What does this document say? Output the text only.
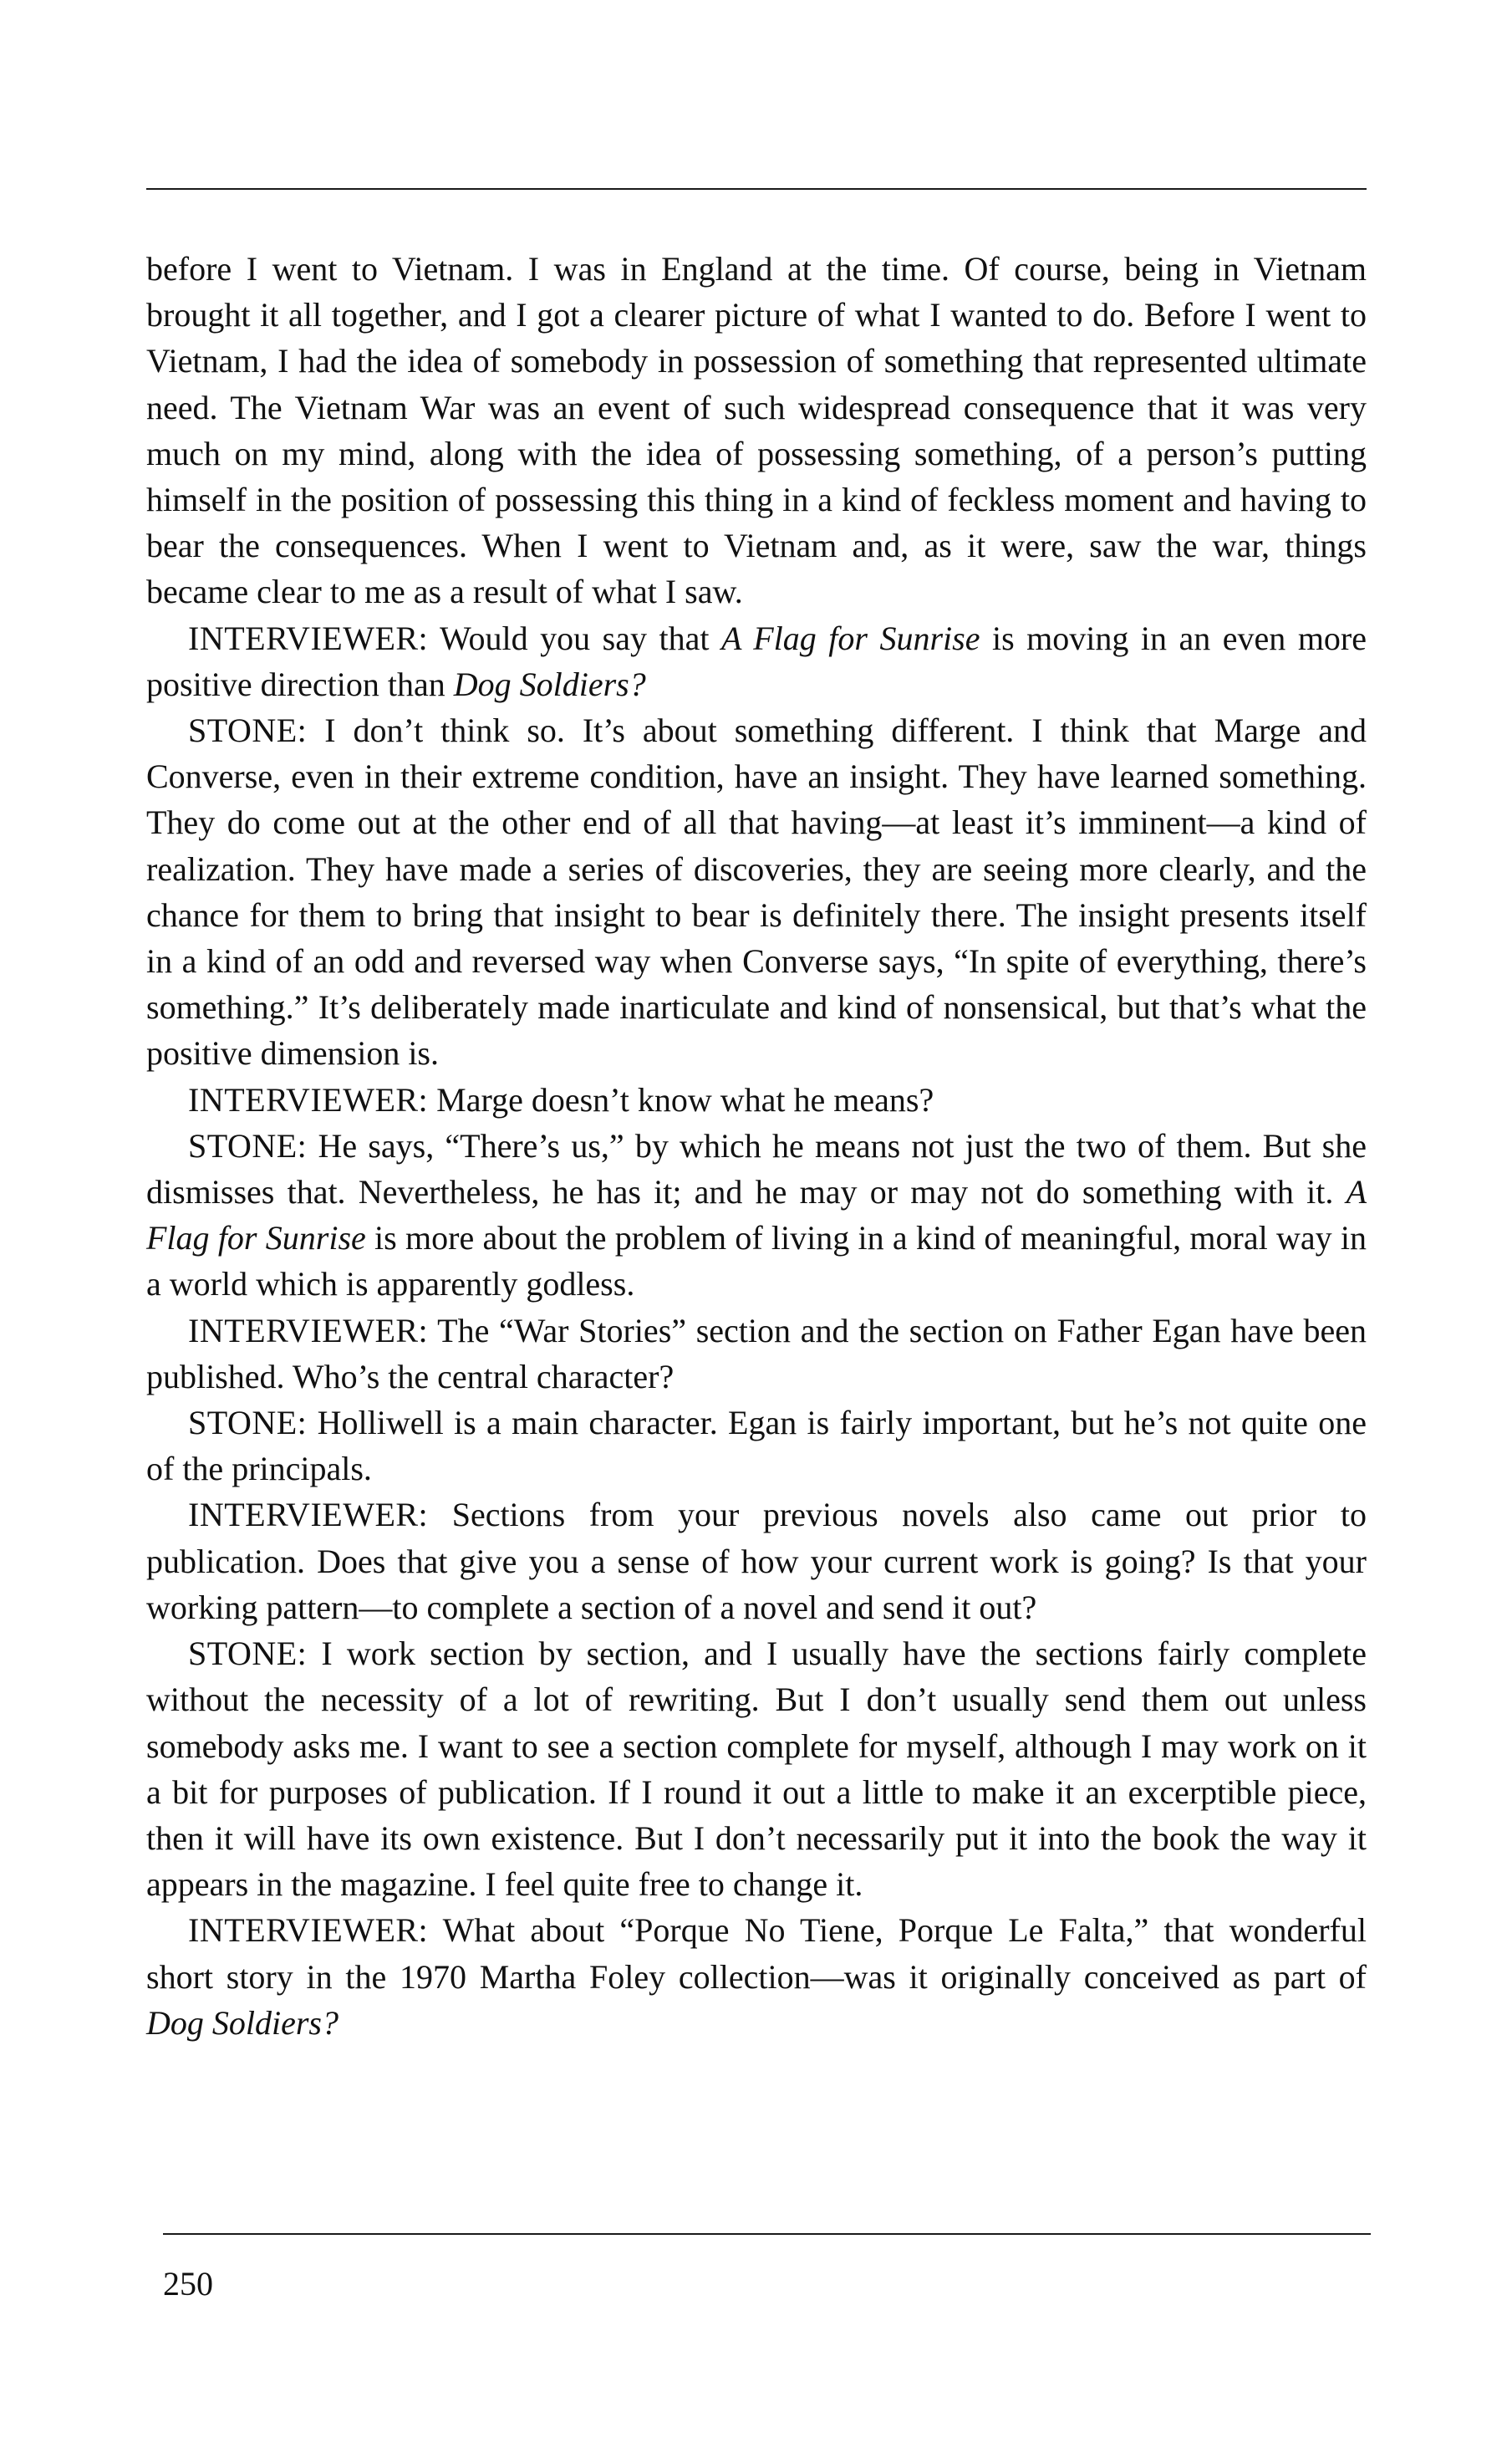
before I went to Vietnam. I was in England at the time. Of course, being in Vietnam brought it all together, and I got a clearer picture of what I wanted to do. Before I went to Vietnam, I had the idea of somebody in possession of something that represented ultimate need. The Vietnam War was an event of such widespread consequence that it was very much on my mind, along with the idea of possessing something, of a person’s putting himself in the position of possessing this thing in a kind of feckless moment and having to bear the consequences. When I went to Vietnam and, as it were, saw the war, things became clear to me as a result of what I saw.

INTERVIEWER: Would you say that A Flag for Sunrise is moving in an even more positive direction than Dog Soldiers?

STONE: I don’t think so. It’s about something different. I think that Marge and Converse, even in their extreme condition, have an insight. They have learned something. They do come out at the other end of all that having—at least it’s imminent—a kind of realization. They have made a series of discoveries, they are seeing more clearly, and the chance for them to bring that insight to bear is definitely there. The insight presents itself in a kind of an odd and reversed way when Converse says, “In spite of everything, there’s something.” It’s deliberately made inarticulate and kind of nonsensical, but that’s what the positive dimension is.

INTERVIEWER: Marge doesn’t know what he means?

STONE: He says, “There’s us,” by which he means not just the two of them. But she dismisses that. Nevertheless, he has it; and he may or may not do something with it. A Flag for Sunrise is more about the problem of living in a kind of meaningful, moral way in a world which is apparently godless.

INTERVIEWER: The “War Stories” section and the section on Father Egan have been published. Who’s the central character?

STONE: Holliwell is a main character. Egan is fairly important, but he’s not quite one of the principals.

INTERVIEWER: Sections from your previous novels also came out prior to publication. Does that give you a sense of how your current work is going? Is that your working pattern—to complete a section of a novel and send it out?

STONE: I work section by section, and I usually have the sections fairly complete without the necessity of a lot of rewriting. But I don’t usually send them out unless somebody asks me. I want to see a section complete for myself, although I may work on it a bit for purposes of publication. If I round it out a little to make it an excerptible piece, then it will have its own existence. But I don’t necessarily put it into the book the way it appears in the magazine. I feel quite free to change it.

INTERVIEWER: What about “Porque No Tiene, Porque Le Falta,” that wonderful short story in the 1970 Martha Foley collection—was it originally conceived as part of Dog Soldiers?

250
